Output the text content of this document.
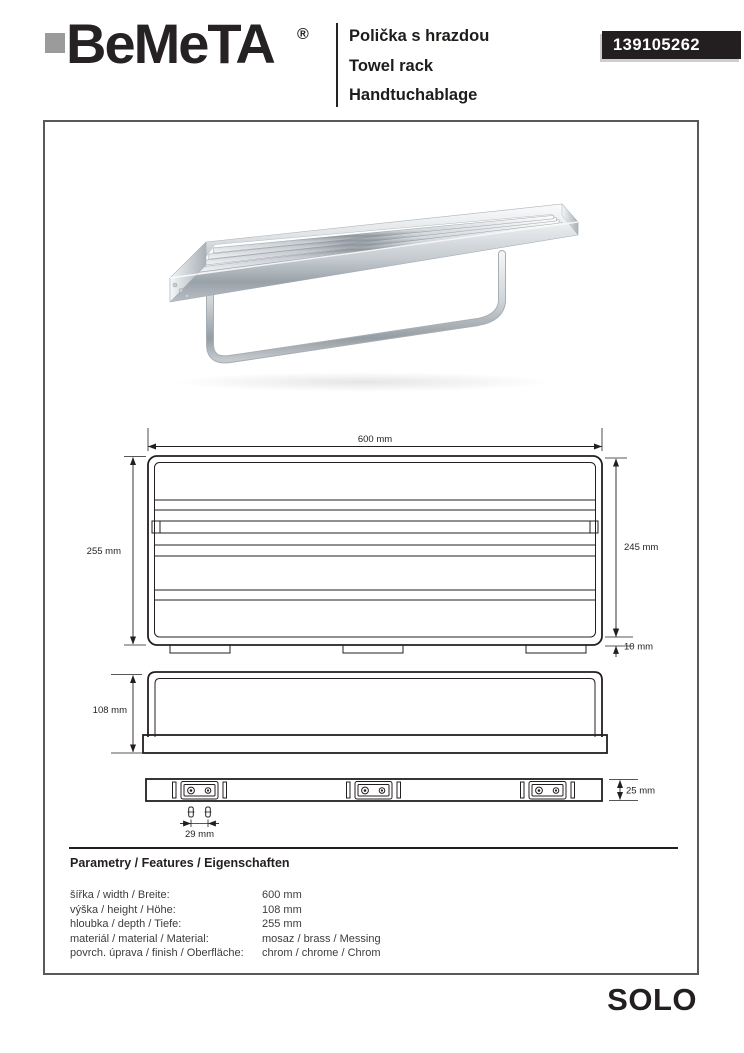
BeMeTA ® Polička s hrazdou
Towel rack
Handtuchablage
139105262
600 mm
255 mm	245 mm
10 mm
108 mm
29 mm
25 mm
Parametry / Features / Eigenschaften
šířka / width / Breite:	600 mm
výška / height / Höhe:	108 mm
hloubka / depth / Tiefe:	255 mm
materiál / material / Material:	mosaz / brass / Messing
povrch. úprava / finish / Oberfläche:	chrom / chrome / Chrom
SOLO
